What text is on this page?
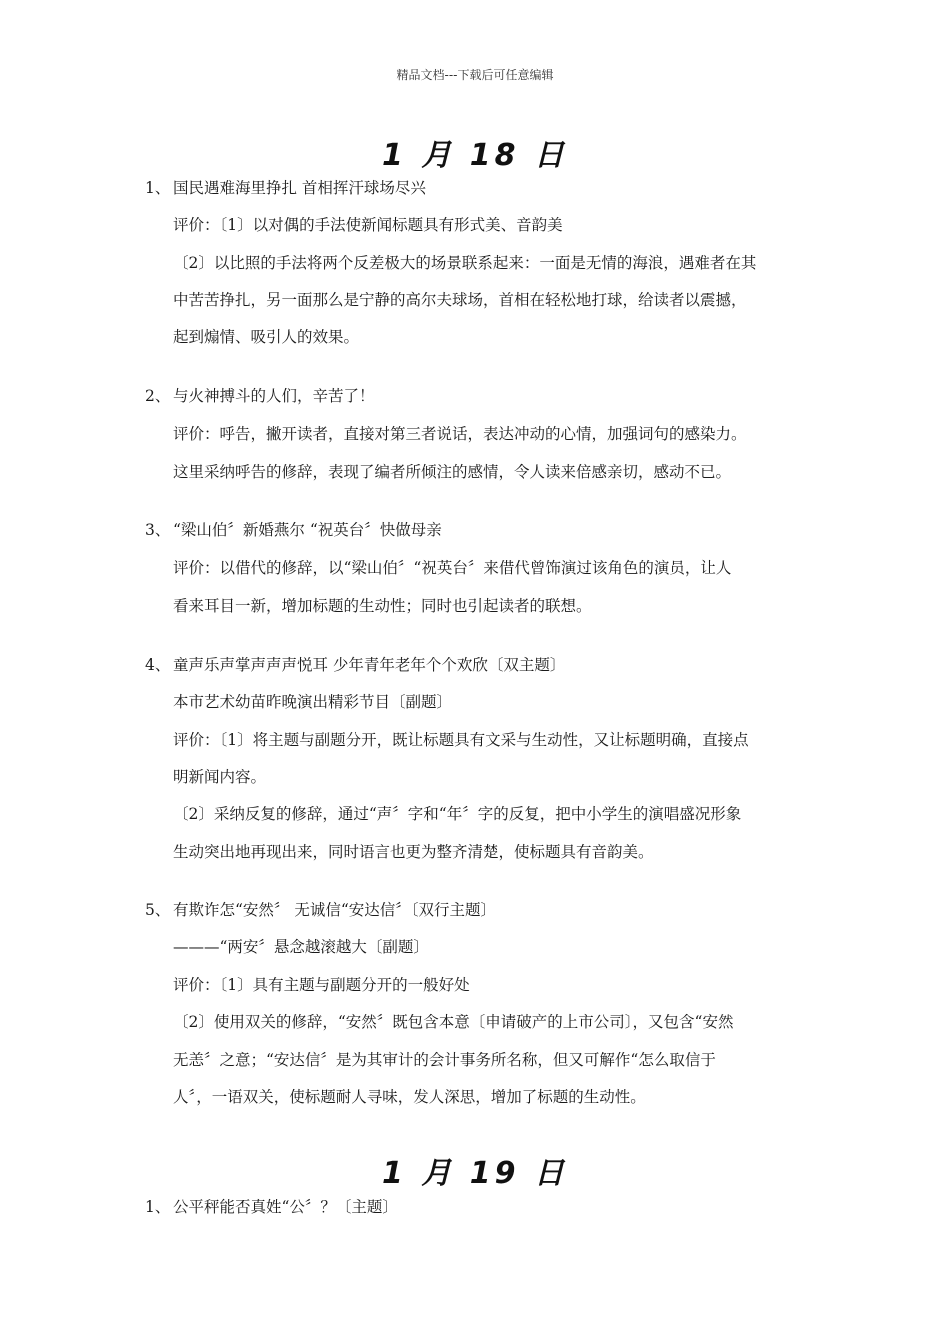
精品文档---下载后可任意编辑
1 月 18 日
1、 国民遇难海里挣扎 首相挥汗球场尽兴
评价：〔1〕以对偶的手法使新闻标题具有形式美、音韵美
〔2〕以比照的手法将两个反差极大的场景联系起来：一面是无情的海浪，遇难者在其
中苦苦挣扎，另一面那么是宁静的高尔夫球场，首相在轻松地打球，给读者以震撼，
起到煽情、吸引人的效果。
2、 与火神搏斗的人们，辛苦了！
评价：呼告，撇开读者，直接对第三者说话，表达冲动的心情，加强词句的感染力。
这里采纳呼告的修辞，表现了编者所倾注的感情，令人读来倍感亲切，感动不已。
3、 “梁山伯〞新婚燕尔 “祝英台〞快做母亲
评价：以借代的修辞，以“梁山伯〞“祝英台〞来借代曾饰演过该角色的演员，让人
看来耳目一新，增加标题的生动性；同时也引起读者的联想。
4、 童声乐声掌声声声悦耳 少年青年老年个个欢欣〔双主题〕
本市艺术幼苗昨晚演出精彩节目〔副题〕
评价：〔1〕将主题与副题分开，既让标题具有文采与生动性，又让标题明确，直接点
明新闻内容。
〔2〕采纳反复的修辞，通过“声〞字和“年〞字的反复，把中小学生的演唱盛况形象
生动突出地再现出来，同时语言也更为整齐清楚，使标题具有音韵美。
5、 有欺诈怎“安然〞 无诚信“安达信〞〔双行主题〕
———“两安〞悬念越滚越大〔副题〕
评价：〔1〕具有主题与副题分开的一般好处
〔2〕使用双关的修辞，“安然〞既包含本意〔申请破产的上市公司〕，又包含“安然
无恙〞之意；“安达信〞是为其审计的会计事务所名称，但又可解作“怎么取信于
人〞，一语双关，使标题耐人寻味，发人深思，增加了标题的生动性。
1 月 19 日
1、 公平秤能否真姓“公〞？〔主题〕
